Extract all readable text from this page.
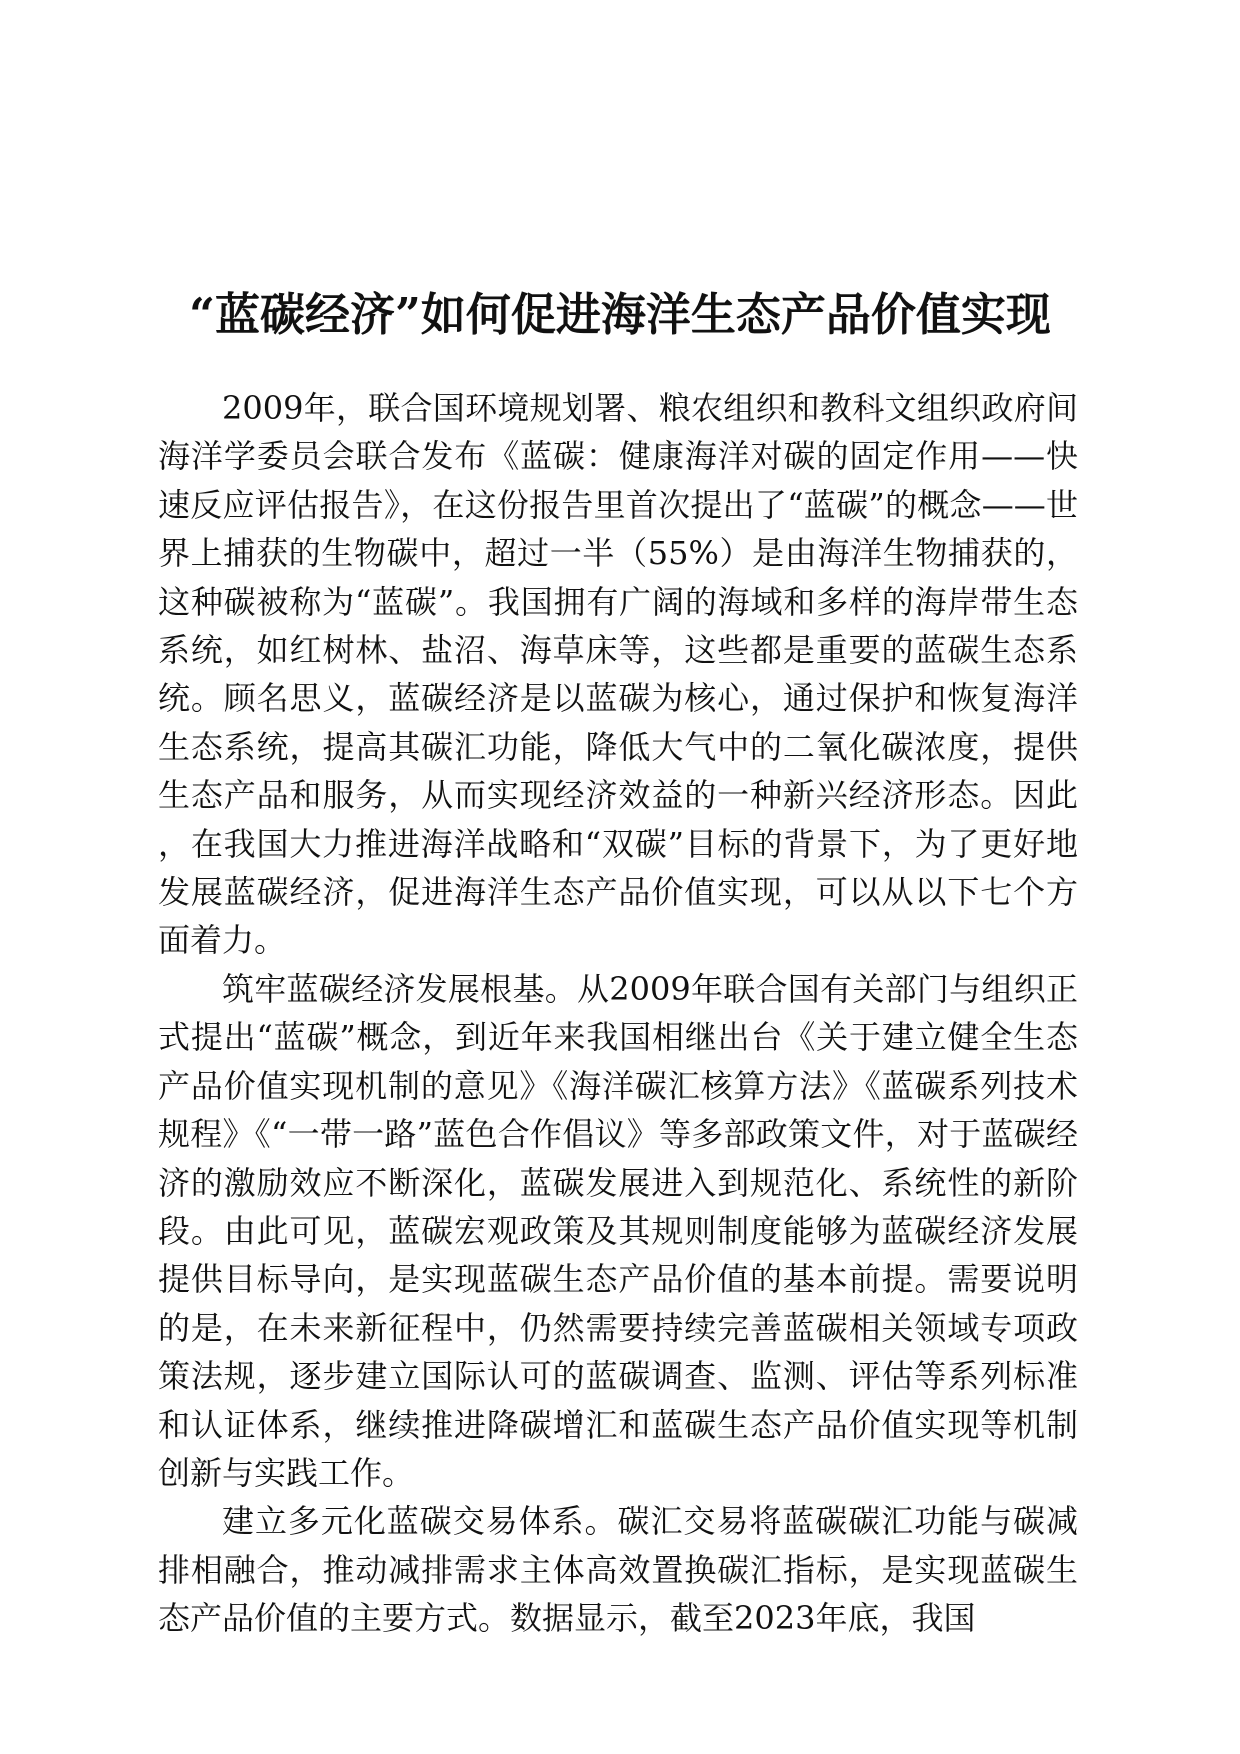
“蓝碳经济”如何促进海洋生态产品价值实现

2009年，联合国环境规划署、粮农组织和教科文组织政府间海洋学委员会联合发布《蓝碳：健康海洋对碳的固定作用——快速反应评估报告》，在这份报告里首次提出了“蓝碳”的概念——世界上捕获的生物碳中，超过一半（55%）是由海洋生物捕获的，这种碳被称为“蓝碳”。我国拥有广阔的海域和多样的海岸带生态系统，如红树林、盐沼、海草床等，这些都是重要的蓝碳生态系统。顾名思义，蓝碳经济是以蓝碳为核心，通过保护和恢复海洋生态系统，提高其碳汇功能，降低大气中的二氧化碳浓度，提供生态产品和服务，从而实现经济效益的一种新兴经济形态。因此，在我国大力推进海洋战略和“双碳”目标的背景下，为了更好地发展蓝碳经济，促进海洋生态产品价值实现，可以从以下七个方面着力。

筑牢蓝碳经济发展根基。从2009年联合国有关部门与组织正式提出“蓝碳”概念，到近年来我国相继出台《关于建立健全生态产品价值实现机制的意见》《海洋碳汇核算方法》《蓝碳系列技术规程》《“一带一路”蓝色合作倡议》等多部政策文件，对于蓝碳经济的激励效应不断深化，蓝碳发展进入到规范化、系统性的新阶段。由此可见，蓝碳宏观政策及其规则制度能够为蓝碳经济发展提供目标导向，是实现蓝碳生态产品价值的基本前提。需要说明的是，在未来新征程中，仍然需要持续完善蓝碳相关领域专项政策法规，逐步建立国际认可的蓝碳调查、监测、评估等系列标准和认证体系，继续推进降碳增汇和蓝碳生态产品价值实现等机制创新与实践工作。

建立多元化蓝碳交易体系。碳汇交易将蓝碳碳汇功能与碳减排相融合，推动减排需求主体高效置换碳汇指标，是实现蓝碳生态产品价值的主要方式。数据显示，截至2023年底，我国
